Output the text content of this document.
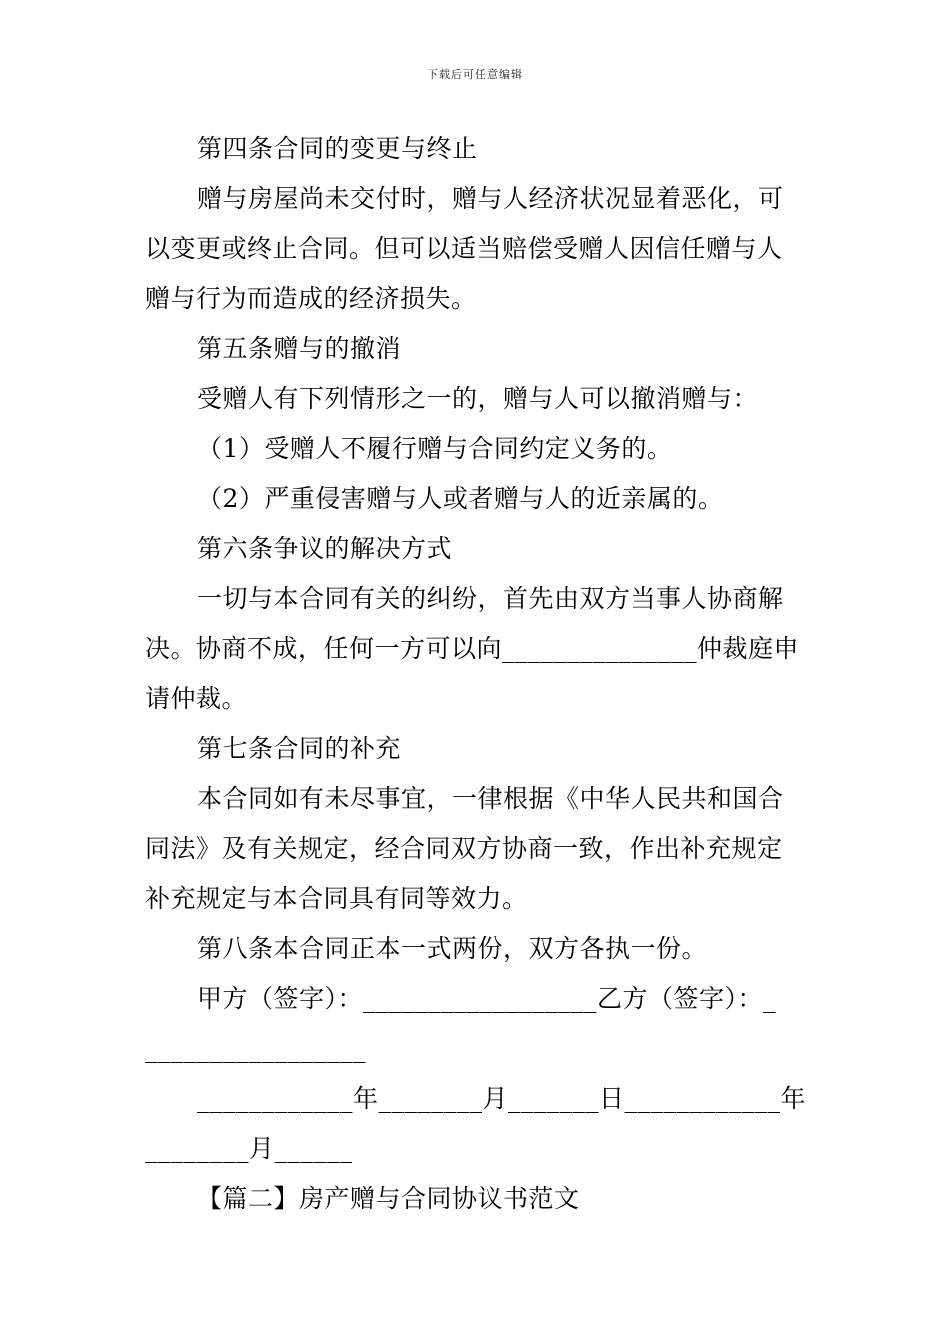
下载后可任意编辑
第四条合同的变更与终止
赠与房屋尚未交付时，赠与人经济状况显着恶化，可
以变更或终止合同。但可以适当赔偿受赠人因信任赠与人
赠与行为而造成的经济损失。
第五条赠与的撤消
受赠人有下列情形之一的，赠与人可以撤消赠与：
（1）受赠人不履行赠与合同约定义务的。
（2）严重侵害赠与人或者赠与人的近亲属的。
第六条争议的解决方式
一切与本合同有关的纠纷，首先由双方当事人协商解
决。协商不成，任何一方可以向_______________仲裁庭申
请仲裁。
第七条合同的补充
本合同如有未尽事宜，一律根据《中华人民共和国合
同法》及有关规定，经合同双方协商一致，作出补充规定
补充规定与本合同具有同等效力。
第八条本合同正本一式两份，双方各执一份。
甲方（签字）：__________________乙方（签字）：_
_________________
____________年________月_______日____________年
________月______
【篇二】房产赠与合同协议书范文
